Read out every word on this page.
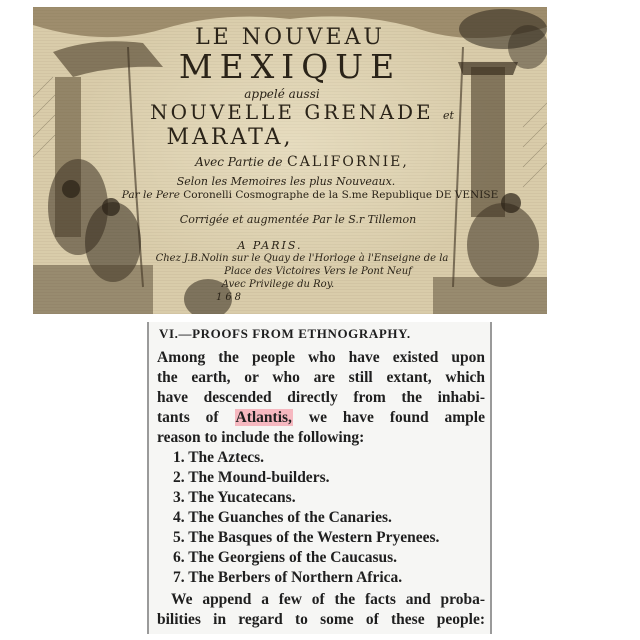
LE NOUVEAU
MEXIQUE
appelé aussi
NOUVELLE GRENADE et
MARATA,
Avec Partie de CALIFORNIE,
Selon les Memoires les plus Nouveaux.
Par le Pere Coronelli Cosmographe de la S.me Republique DE VENISE
Corrigée et augmentée Par le S.r Tillemon
A PARIS.
Chez J.B.Nolin sur le Quay de l'Horloge à l'Enseigne de la
Place des Victoires Vers le Pont Neuf
Avec Privilege du Roy.
168
VI.—PROOFS FROM ETHNOGRAPHY.
Among the people who have existed upon
the earth, or who are still extant, which
have descended directly from the inhabi-
tants of Atlantis, we have found ample
reason to include the following:
1. The Aztecs.
2. The Mound-builders.
3. The Yucatecans.
4. The Guanches of the Canaries.
5. The Basques of the Western Pryenees.
6. The Georgiens of the Caucasus.
7. The Berbers of Northern Africa.
We append a few of the facts and proba-
bilities in regard to some of these people:
